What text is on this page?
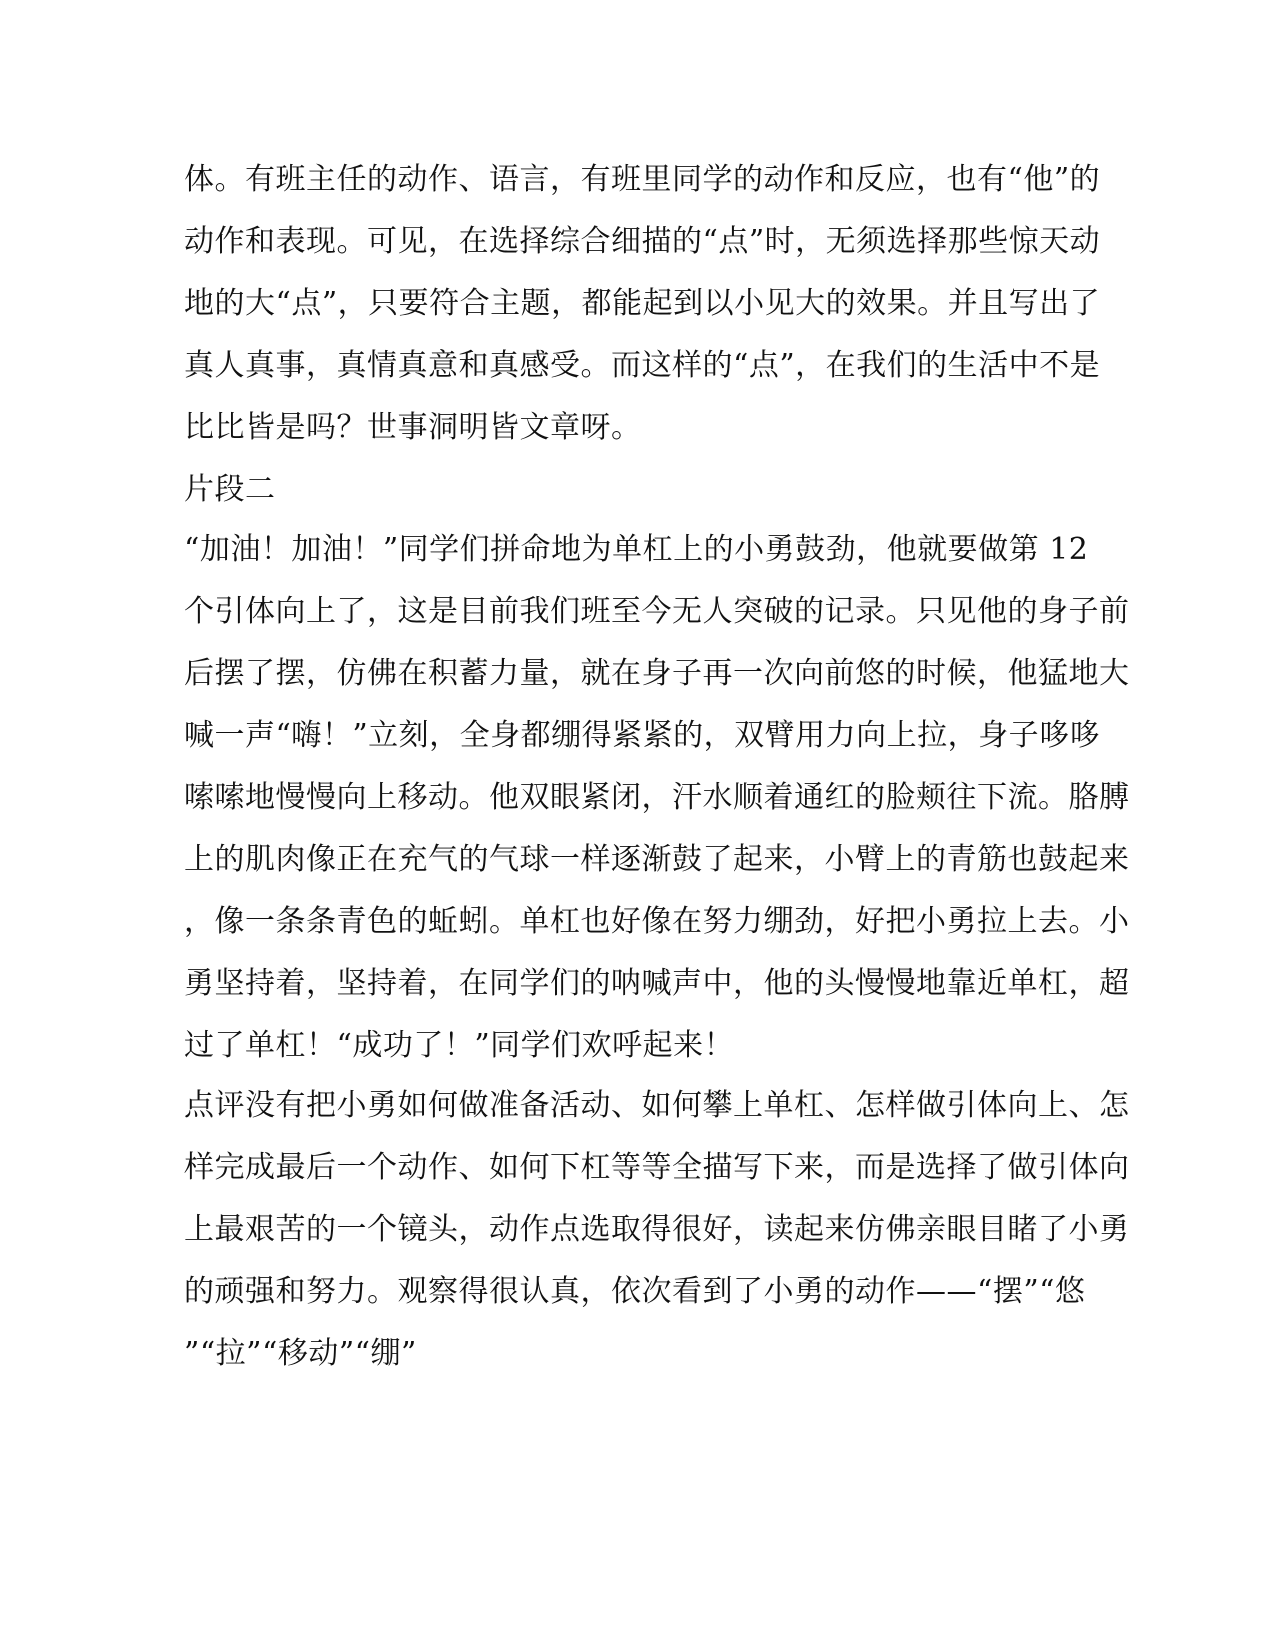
体。有班主任的动作、语言，有班里同学的动作和反应，也有“他”的
动作和表现。可见，在选择综合细描的“点”时，无须选择那些惊天动
地的大“点”，只要符合主题，都能起到以小见大的效果。并且写出了
真人真事，真情真意和真感受。而这样的“点”，在我们的生活中不是
比比皆是吗？世事洞明皆文章呀。
片段二
“加油！加油！”同学们拼命地为单杠上的小勇鼓劲，他就要做第 12
个引体向上了，这是目前我们班至今无人突破的记录。只见他的身子前
后摆了摆，仿佛在积蓄力量，就在身子再一次向前悠的时候，他猛地大
喊一声“嗨！”立刻，全身都绷得紧紧的，双臂用力向上拉，身子哆哆
嗦嗦地慢慢向上移动。他双眼紧闭，汗水顺着通红的脸颊往下流。胳膊
上的肌肉像正在充气的气球一样逐渐鼓了起来，小臂上的青筋也鼓起来
，像一条条青色的蚯蚓。单杠也好像在努力绷劲，好把小勇拉上去。小
勇坚持着，坚持着，在同学们的呐喊声中，他的头慢慢地靠近单杠，超
过了单杠！“成功了！”同学们欢呼起来！
点评没有把小勇如何做准备活动、如何攀上单杠、怎样做引体向上、怎
样完成最后一个动作、如何下杠等等全描写下来，而是选择了做引体向
上最艰苦的一个镜头，动作点选取得很好，读起来仿佛亲眼目睹了小勇
的顽强和努力。观察得很认真，依次看到了小勇的动作——“摆”“悠
”“拉”“移动”“绷”
